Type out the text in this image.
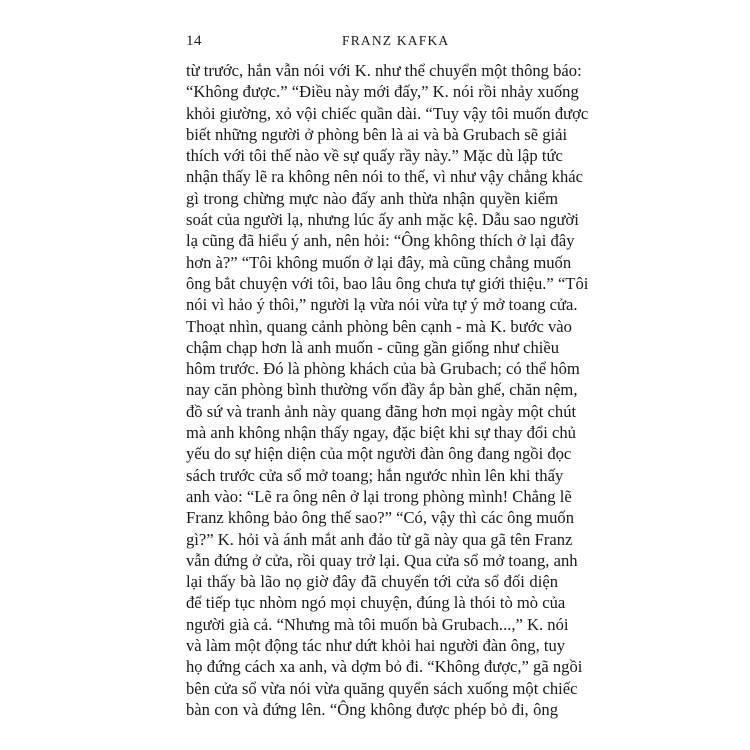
14	FRANZ KAFKA
từ trước, hắn vẫn nói với K. như thể chuyển một thông báo:
“Không được.” “Điều này mới đấy,” K. nói rồi nhảy xuống
khỏi giường, xỏ vội chiếc quần dài. “Tuy vậy tôi muốn được
biết những người ở phòng bên là ai và bà Grubach sẽ giải
thích với tôi thế nào về sự quấy rầy này.” Mặc dù lập tức
nhận thấy lẽ ra không nên nói to thế, vì như vậy chẳng khác
gì trong chừng mực nào đấy anh thừa nhận quyền kiểm
soát của người lạ, nhưng lúc ấy anh mặc kệ. Dẫu sao người
lạ cũng đã hiểu ý anh, nên hỏi: “Ông không thích ở lại đây
hơn à?” “Tôi không muốn ở lại đây, mà cũng chẳng muốn
ông bắt chuyện với tôi, bao lâu ông chưa tự giới thiệu.” “Tôi
nói vì hảo ý thôi,” người lạ vừa nói vừa tự ý mở toang cửa.
Thoạt nhìn, quang cảnh phòng bên cạnh - mà K. bước vào
chậm chạp hơn là anh muốn - cũng gần giống như chiều
hôm trước. Đó là phòng khách của bà Grubach; có thể hôm
nay căn phòng bình thường vốn đầy ắp bàn ghế, chăn nệm,
đồ sứ và tranh ảnh này quang đãng hơn mọi ngày một chút
mà anh không nhận thấy ngay, đặc biệt khi sự thay đổi chủ
yếu do sự hiện diện của một người đàn ông đang ngồi đọc
sách trước cửa sổ mở toang; hắn ngước nhìn lên khi thấy
anh vào: “Lẽ ra ông nên ở lại trong phòng mình! Chẳng lẽ
Franz không bảo ông thế sao?” “Có, vậy thì các ông muốn
gì?” K. hỏi và ánh mắt anh đảo từ gã này qua gã tên Franz
vẫn đứng ở cửa, rồi quay trở lại. Qua cửa sổ mở toang, anh
lại thấy bà lão nọ giờ đây đã chuyển tới cửa sổ đối diện
để tiếp tục nhòm ngó mọi chuyện, đúng là thói tò mò của
người già cả. “Nhưng mà tôi muốn bà Grubach...,” K. nói
và làm một động tác như dứt khỏi hai người đàn ông, tuy
họ đứng cách xa anh, và dợm bỏ đi. “Không được,” gã ngồi
bên cửa sổ vừa nói vừa quăng quyển sách xuống một chiếc
bàn con và đứng lên. “Ông không được phép bỏ đi, ông
